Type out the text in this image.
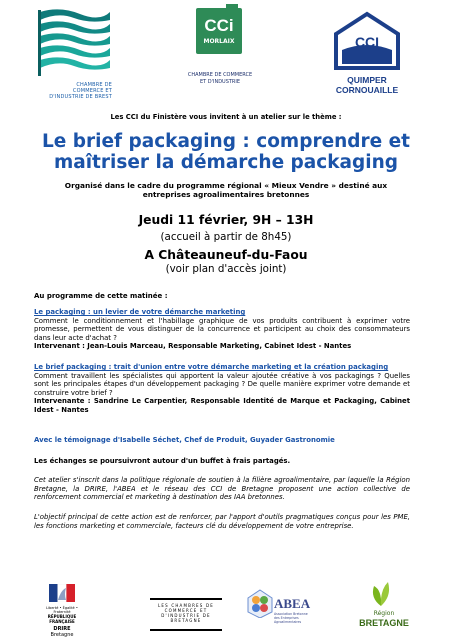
CHAMBRE DE COMMERCE ET D'INDUSTRIE DE BREST
CCi
MORLAIX
CHAMBRE DE COMMERCE
ET D'INDUSTRIE
CCI
QUIMPER
CORNOUAILLE
Les CCI du Finistère vous invitent à un atelier sur le thème :
Le brief packaging : comprendre et
maîtriser la démarche packaging
Organisé dans le cadre du programme régional « Mieux Vendre » destiné aux
entreprises agroalimentaires bretonnes
Jeudi 11 février, 9H – 13H
(accueil à partir de 8h45)
A Châteauneuf-du-Faou
(voir plan d'accès joint)
Au programme de cette matinée :
Le packaging : un levier de votre démarche marketing
Comment le conditionnement et l'habillage graphique de vos produits contribuent à exprimer votre promesse, permettent de vous distinguer de la concurrence et participent au choix des consommateurs dans leur acte d'achat ?
Intervenant : Jean-Louis Marceau, Responsable Marketing, Cabinet Idest - Nantes
Le brief packaging : trait d'union entre votre démarche marketing et la création packaging
Comment travaillent les spécialistes qui apportent la valeur ajoutée créative à vos packagings ? Quelles sont les principales étapes d'un développement packaging ? De quelle manière exprimer votre demande et construire votre brief ?
Intervenante : Sandrine Le Carpentier, Responsable Identité de Marque et Packaging, Cabinet Idest - Nantes
Avec le témoignage d'Isabelle Séchet, Chef de Produit, Guyader Gastronomie
Les échanges se poursuivront autour d'un buffet à frais partagés.
Cet atelier s'inscrit dans la politique régionale de soutien à la filière agroalimentaire, par laquelle la Région Bretagne, la DRIRE, l'ABEA et le réseau des CCI de Bretagne proposent une action collective de renforcement commercial et marketing à destination des IAA bretonnes.
L'objectif principal de cette action est de renforcer, par l'apport d'outils pragmatiques conçus pour les PME, les fonctions marketing et commerciale, facteurs clé du développement de votre entreprise.
Liberté • Égalité • Fraternité
RÉPUBLIQUE FRANÇAISE
DRIRE
Bretagne
LES CHAMBRES DE COMMERCE ET D'INDUSTRIE DE BRETAGNE
ABEA
Association Bretonne des Entreprises Agroalimentaires
Région
BRETAGNE
